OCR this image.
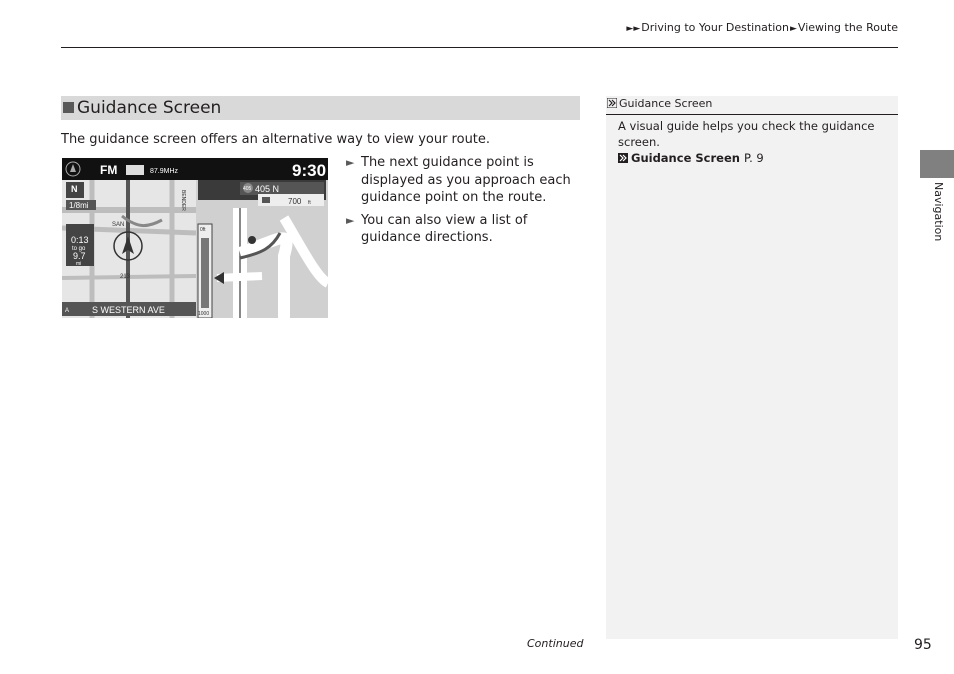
►►Driving to Your Destination►Viewing the Route
Guidance Screen
The guidance screen offers an alternative way to view your route.
FM	87.9MHz	9:30
N
1/8mi
0:13
to go
9.7
mi
SAN
213
BENDER
A	S WESTERN AVE
405 405 N
700 ft
0ft
1000
► The next guidance point is displayed as you approach each guidance point on the route.
► You can also view a list of guidance directions.
Guidance Screen
A visual guide helps you check the guidance screen.
Guidance Screen P. 9
Navigation
Continued	95
